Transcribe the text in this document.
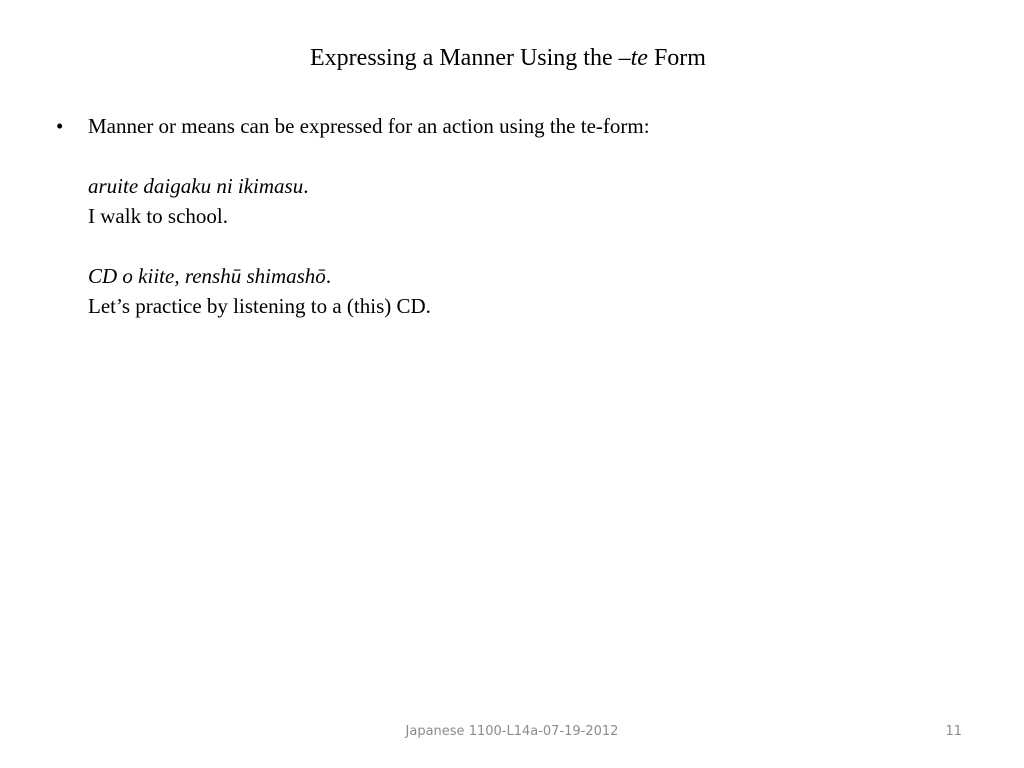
Expressing a Manner Using the –te Form
• Manner or means can be expressed for an action using the te-form:
aruite daigaku ni ikimasu.
I walk to school.
CD o kiite, renshū shimashō.
Let’s practice by listening to a (this) CD.
Japanese 1100-L14a-07-19-2012	11
